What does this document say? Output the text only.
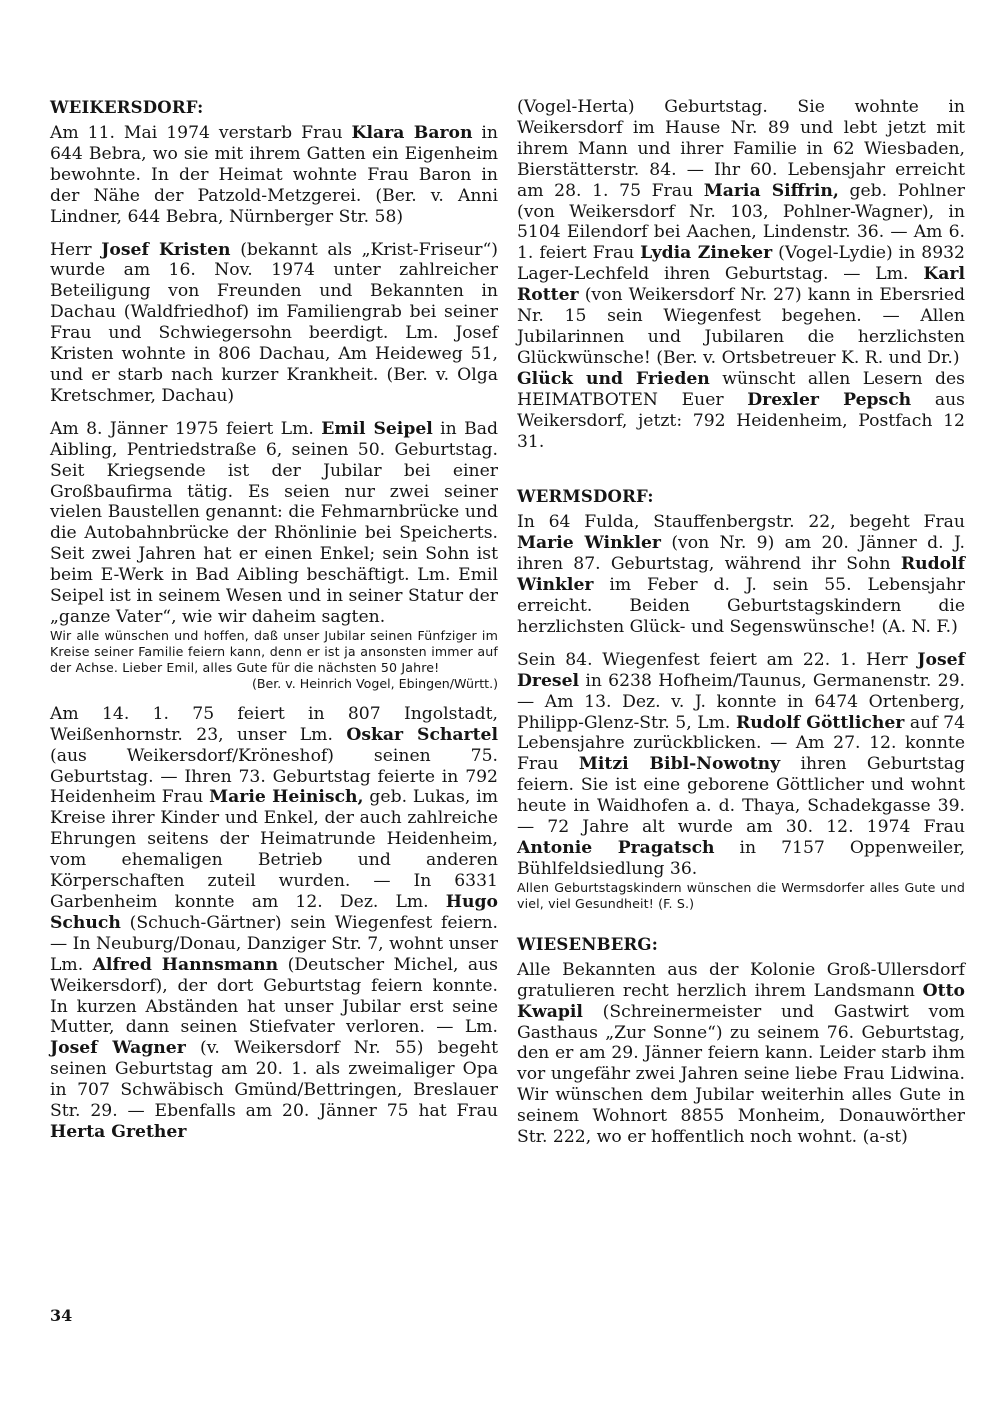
WEIKERSDORF:

Am 11. Mai 1974 verstarb Frau Klara Baron in 644 Bebra, wo sie mit ihrem Gatten ein Eigenheim bewohnte. In der Heimat wohnte Frau Baron in der Nähe der Patzold-Metzgerei. (Ber. v. Anni Lindner, 644 Bebra, Nürnberger Str. 58)

Herr Josef Kristen (bekannt als „Krist-Friseur“) wurde am 16. Nov. 1974 unter zahlreicher Beteiligung von Freunden und Bekannten in Dachau (Waldfriedhof) im Familiengrab bei seiner Frau und Schwiegersohn beerdigt. Lm. Josef Kristen wohnte in 806 Dachau, Am Heideweg 51, und er starb nach kurzer Krankheit. (Ber. v. Olga Kretschmer, Dachau)

Am 8. Jänner 1975 feiert Lm. Emil Seipel in Bad Aibling, Pentriedstraße 6, seinen 50. Geburtstag. Seit Kriegsende ist der Jubilar bei einer Großbaufirma tätig. Es seien nur zwei seiner vielen Baustellen genannt: die Fehmarnbrücke und die Autobahnbrücke der Rhönlinie bei Speicherts. Seit zwei Jahren hat er einen Enkel; sein Sohn ist beim E-Werk in Bad Aibling beschäftigt. Lm. Emil Seipel ist in seinem Wesen und in seiner Statur der „ganze Vater“, wie wir daheim sagten.

Wir alle wünschen und hoffen, daß unser Jubilar seinen Fünfziger im Kreise seiner Familie feiern kann, denn er ist ja ansonsten immer auf der Achse. Lieber Emil, alles Gute für die nächsten 50 Jahre!

(Ber. v. Heinrich Vogel, Ebingen/Württ.)

Am 14. 1. 75 feiert in 807 Ingolstadt, Weißenhornstr. 23, unser Lm. Oskar Schartel (aus Weikersdorf/Kröneshof) seinen 75. Geburtstag. — Ihren 73. Geburtstag feierte in 792 Heidenheim Frau Marie Heinisch, geb. Lukas, im Kreise ihrer Kinder und Enkel, der auch zahlreiche Ehrungen seitens der Heimatrunde Heidenheim, vom ehemaligen Betrieb und anderen Körperschaften zuteil wurden. — In 6331 Garbenheim konnte am 12. Dez. Lm. Hugo Schuch (Schuch-Gärtner) sein Wiegenfest feiern. — In Neuburg/Donau, Danziger Str. 7, wohnt unser Lm. Alfred Hannsmann (Deutscher Michel, aus Weikersdorf), der dort Geburtstag feiern konnte. In kurzen Abständen hat unser Jubilar erst seine Mutter, dann seinen Stiefvater verloren. — Lm. Josef Wagner (v. Weikersdorf Nr. 55) begeht seinen Geburtstag am 20. 1. als zweimaliger Opa in 707 Schwäbisch Gmünd/Bettringen, Breslauer Str. 29. — Ebenfalls am 20. Jänner 75 hat Frau Herta Grether

(Vogel-Herta) Geburtstag. Sie wohnte in Weikersdorf im Hause Nr. 89 und lebt jetzt mit ihrem Mann und ihrer Familie in 62 Wiesbaden, Bierstätterstr. 84. — Ihr 60. Lebensjahr erreicht am 28. 1. 75 Frau Maria Siffrin, geb. Pohlner (von Weikersdorf Nr. 103, Pohlner-Wagner), in 5104 Eilendorf bei Aachen, Lindenstr. 36. — Am 6. 1. feiert Frau Lydia Zineker (Vogel-Lydie) in 8932 Lager-Lechfeld ihren Geburtstag. — Lm. Karl Rotter (von Weikersdorf Nr. 27) kann in Ebersried Nr. 15 sein Wiegenfest begehen. — Allen Jubilarinnen und Jubilaren die herzlichsten Glückwünsche! (Ber. v. Ortsbetreuer K. R. und Dr.)

Glück und Frieden wünscht allen Lesern des HEIMATBOTEN Euer Drexler Pepsch aus Weikersdorf, jetzt: 792 Heidenheim, Postfach 12 31.

WERMSDORF:

In 64 Fulda, Stauffenbergstr. 22, begeht Frau Marie Winkler (von Nr. 9) am 20. Jänner d. J. ihren 87. Geburtstag, während ihr Sohn Rudolf Winkler im Feber d. J. sein 55. Lebensjahr erreicht. Beiden Geburtstagskindern die herzlichsten Glück- und Segenswünsche! (A. N. F.)

Sein 84. Wiegenfest feiert am 22. 1. Herr Josef Dresel in 6238 Hofheim/Taunus, Germanenstr. 29. — Am 13. Dez. v. J. konnte in 6474 Ortenberg, Philipp-Glenz-Str. 5, Lm. Rudolf Göttlicher auf 74 Lebensjahre zurückblicken. — Am 27. 12. konnte Frau Mitzi Bibl-Nowotny ihren Geburtstag feiern. Sie ist eine geborene Göttlicher und wohnt heute in Waidhofen a. d. Thaya, Schadekgasse 39. — 72 Jahre alt wurde am 30. 12. 1974 Frau Antonie Pragatsch in 7157 Oppenweiler, Bühlfeldsiedlung 36.

Allen Geburtstagskindern wünschen die Wermsdorfer alles Gute und viel, viel Gesundheit! (F. S.)

WIESENBERG:

Alle Bekannten aus der Kolonie Groß-Ullersdorf gratulieren recht herzlich ihrem Landsmann Otto Kwapil (Schreinermeister und Gastwirt vom Gasthaus „Zur Sonne“) zu seinem 76. Geburtstag, den er am 29. Jänner feiern kann. Leider starb ihm vor ungefähr zwei Jahren seine liebe Frau Lidwina. Wir wünschen dem Jubilar weiterhin alles Gute in seinem Wohnort 8855 Monheim, Donauwörther Str. 222, wo er hoffentlich noch wohnt. (a-st)

34
